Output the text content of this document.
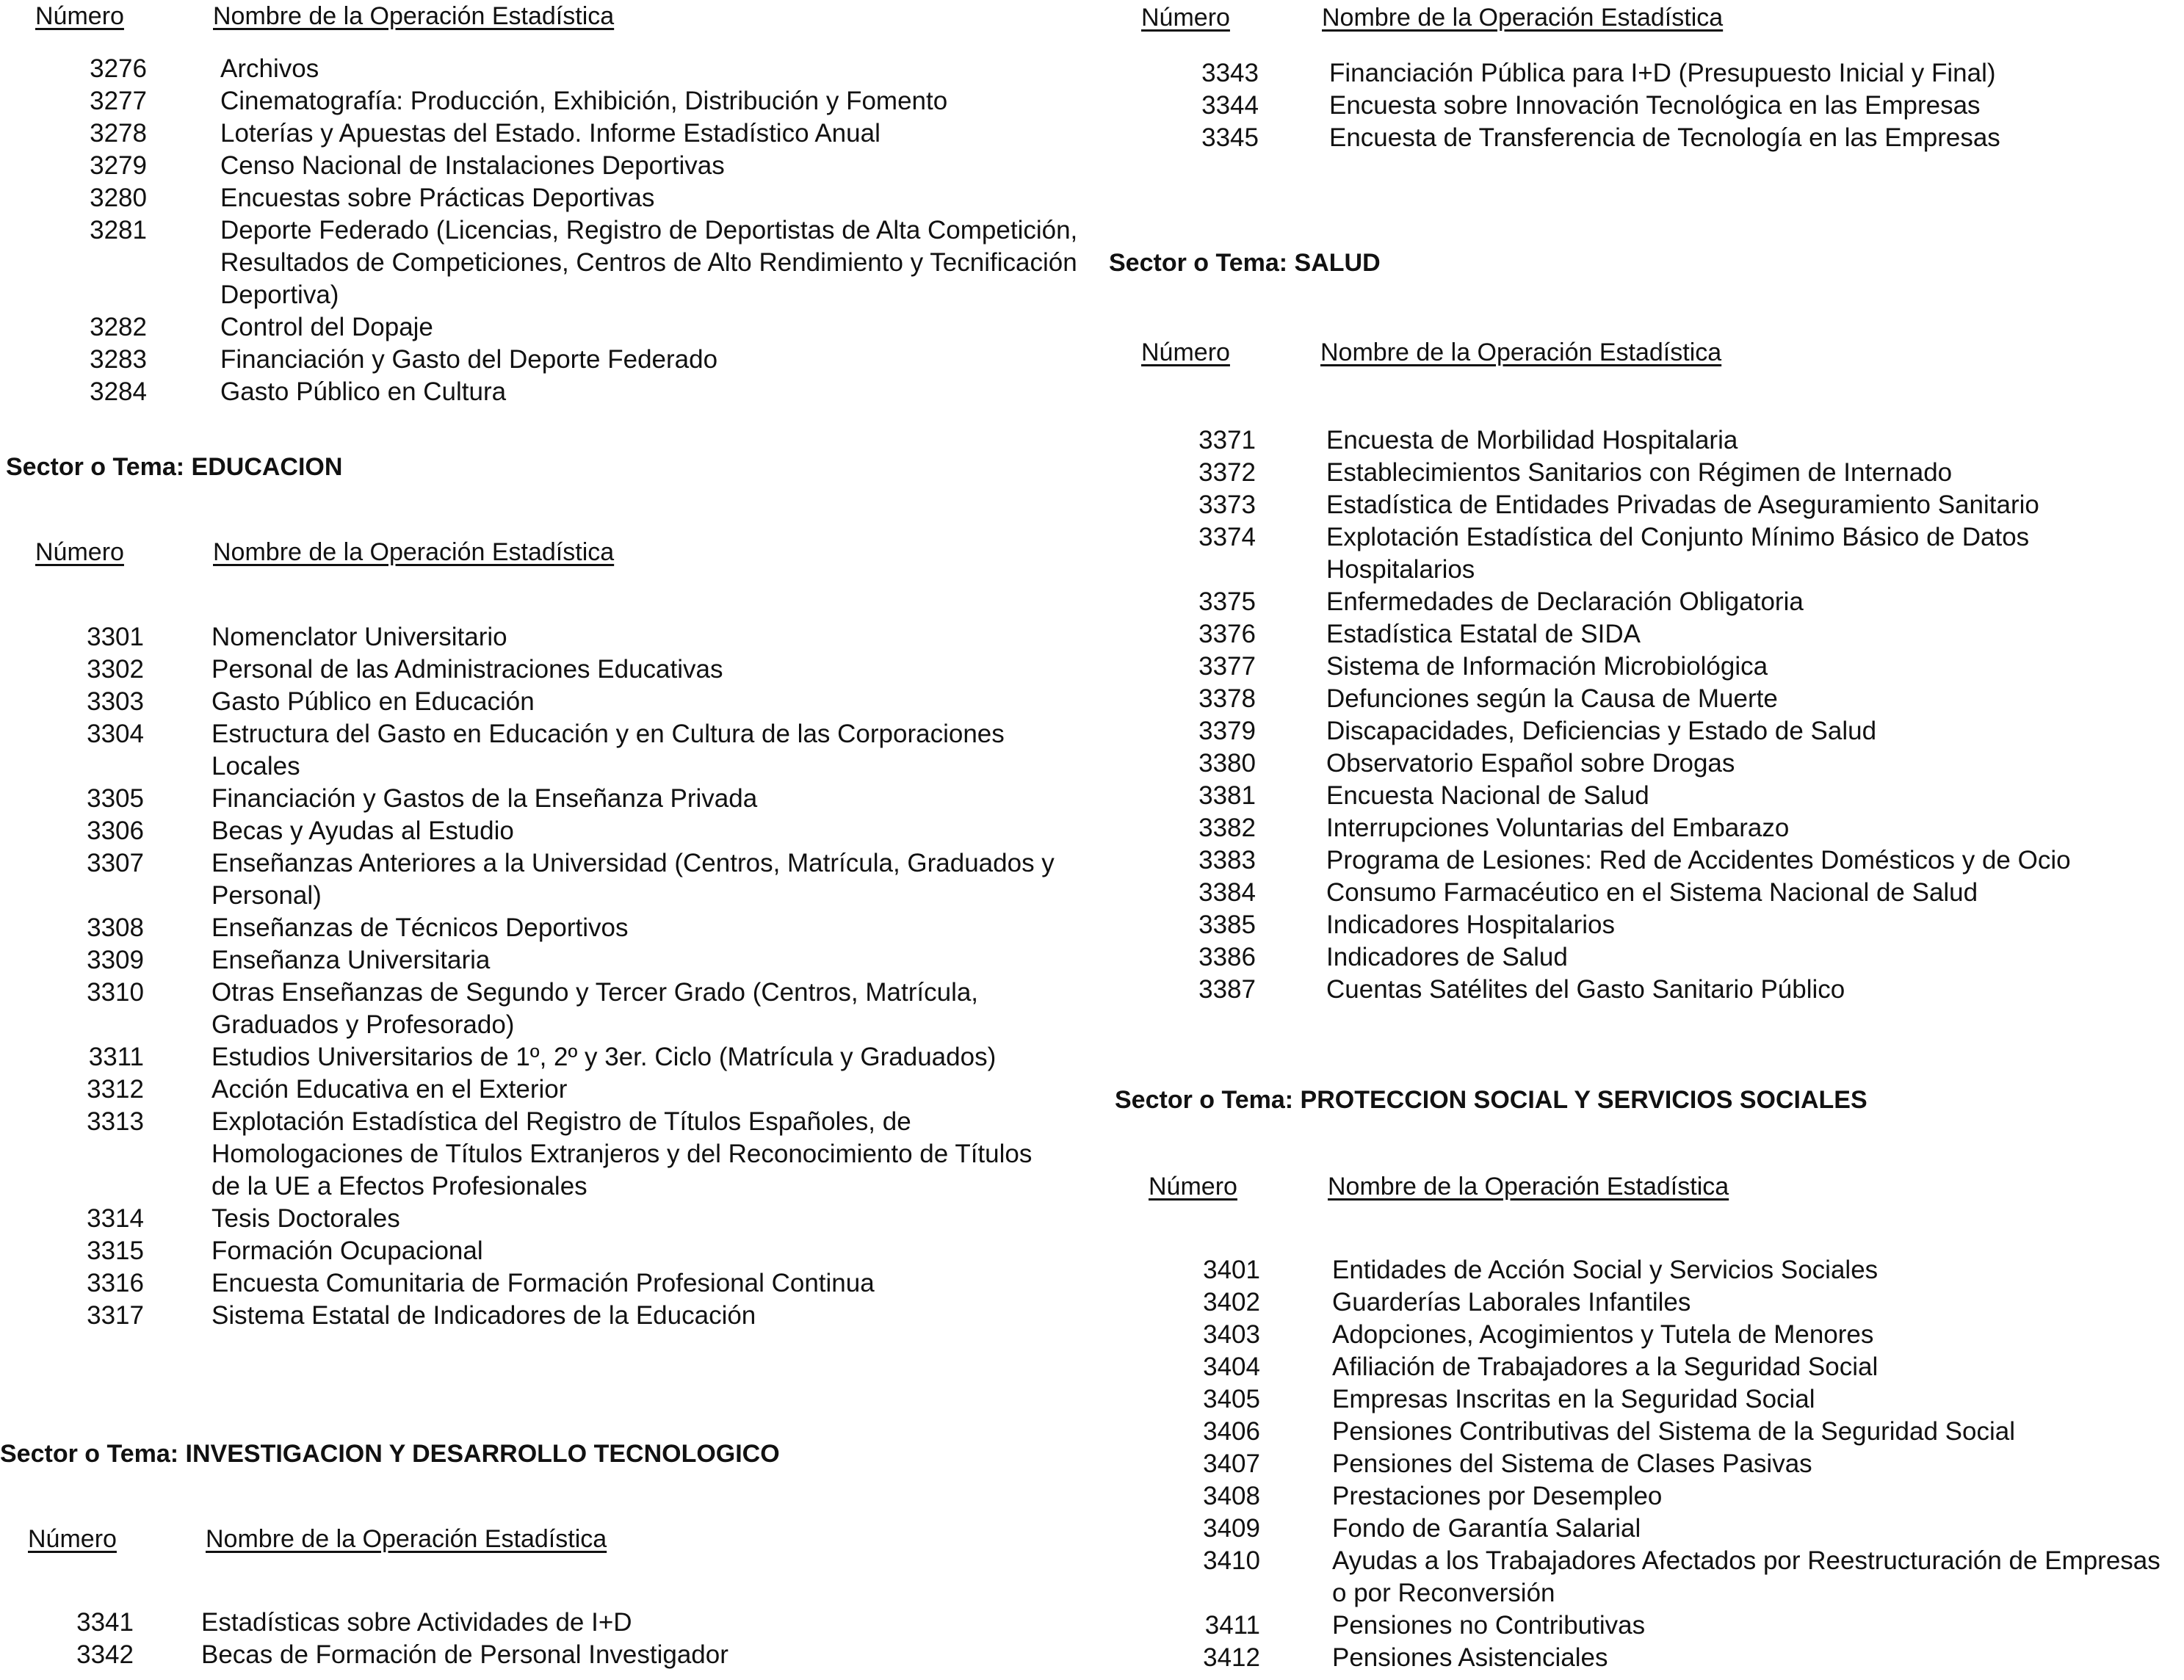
Número	Nombre de la Operación Estadística
3276	Archivos
3277	Cinematografía: Producción, Exhibición, Distribución y Fomento
3278	Loterías y Apuestas del Estado. Informe Estadístico Anual
3279	Censo Nacional de Instalaciones Deportivas
3280	Encuestas sobre Prácticas Deportivas
3281	Deporte Federado (Licencias, Registro de Deportistas de Alta Competición, Resultados de Competiciones, Centros de Alto Rendimiento y Tecnificación Deportiva)
3282	Control del Dopaje
3283	Financiación y Gasto del Deporte Federado
3284	Gasto Público en Cultura
Sector o Tema: EDUCACION
Número	Nombre de la Operación Estadística
3301	Nomenclator Universitario
3302	Personal de las Administraciones Educativas
3303	Gasto Público en Educación
3304	Estructura del Gasto en Educación y en Cultura de las Corporaciones Locales
3305	Financiación y Gastos de la Enseñanza Privada
3306	Becas y Ayudas al Estudio
3307	Enseñanzas Anteriores a la Universidad (Centros, Matrícula, Graduados y Personal)
3308	Enseñanzas de Técnicos Deportivos
3309	Enseñanza Universitaria
3310	Otras Enseñanzas de Segundo y Tercer Grado (Centros, Matrícula, Graduados y Profesorado)
3311	Estudios Universitarios de 1º, 2º y 3er. Ciclo (Matrícula y Graduados)
3312	Acción Educativa en el Exterior
3313	Explotación Estadística del Registro de Títulos Españoles, de Homologaciones de Títulos Extranjeros y del Reconocimiento de Títulos de la UE a Efectos Profesionales
3314	Tesis Doctorales
3315	Formación Ocupacional
3316	Encuesta Comunitaria de Formación Profesional Continua
3317	Sistema Estatal de Indicadores de la Educación
Sector o Tema: INVESTIGACION Y DESARROLLO TECNOLOGICO
Número	Nombre de la Operación Estadística
3341	Estadísticas sobre Actividades de I+D
3342	Becas de Formación de Personal Investigador
Número	Nombre de la Operación Estadística
3343	Financiación Pública para I+D (Presupuesto Inicial y Final)
3344	Encuesta sobre Innovación Tecnológica en las Empresas
3345	Encuesta de Transferencia de Tecnología en las Empresas
Sector o Tema: SALUD
Número	Nombre de la Operación Estadística
3371	Encuesta de Morbilidad Hospitalaria
3372	Establecimientos Sanitarios con Régimen de Internado
3373	Estadística de Entidades Privadas de Aseguramiento Sanitario
3374	Explotación Estadística del Conjunto Mínimo Básico de Datos Hospitalarios
3375	Enfermedades de Declaración Obligatoria
3376	Estadística Estatal de SIDA
3377	Sistema de Información Microbiológica
3378	Defunciones según la Causa de Muerte
3379	Discapacidades, Deficiencias y Estado de Salud
3380	Observatorio Español sobre Drogas
3381	Encuesta Nacional de Salud
3382	Interrupciones Voluntarias del Embarazo
3383	Programa de Lesiones: Red de Accidentes Domésticos y de Ocio
3384	Consumo Farmacéutico en el Sistema Nacional de Salud
3385	Indicadores Hospitalarios
3386	Indicadores de Salud
3387	Cuentas Satélites del Gasto Sanitario Público
Sector o Tema: PROTECCION SOCIAL Y SERVICIOS SOCIALES
Número	Nombre de la Operación Estadística
3401	Entidades de Acción Social y Servicios Sociales
3402	Guarderías Laborales Infantiles
3403	Adopciones, Acogimientos y Tutela de Menores
3404	Afiliación de Trabajadores a la Seguridad Social
3405	Empresas Inscritas en la Seguridad Social
3406	Pensiones Contributivas del Sistema de la Seguridad Social
3407	Pensiones del Sistema de Clases Pasivas
3408	Prestaciones por Desempleo
3409	Fondo de Garantía Salarial
3410	Ayudas a los Trabajadores Afectados por Reestructuración de Empresas o por Reconversión
3411	Pensiones no Contributivas
3412	Pensiones Asistenciales
